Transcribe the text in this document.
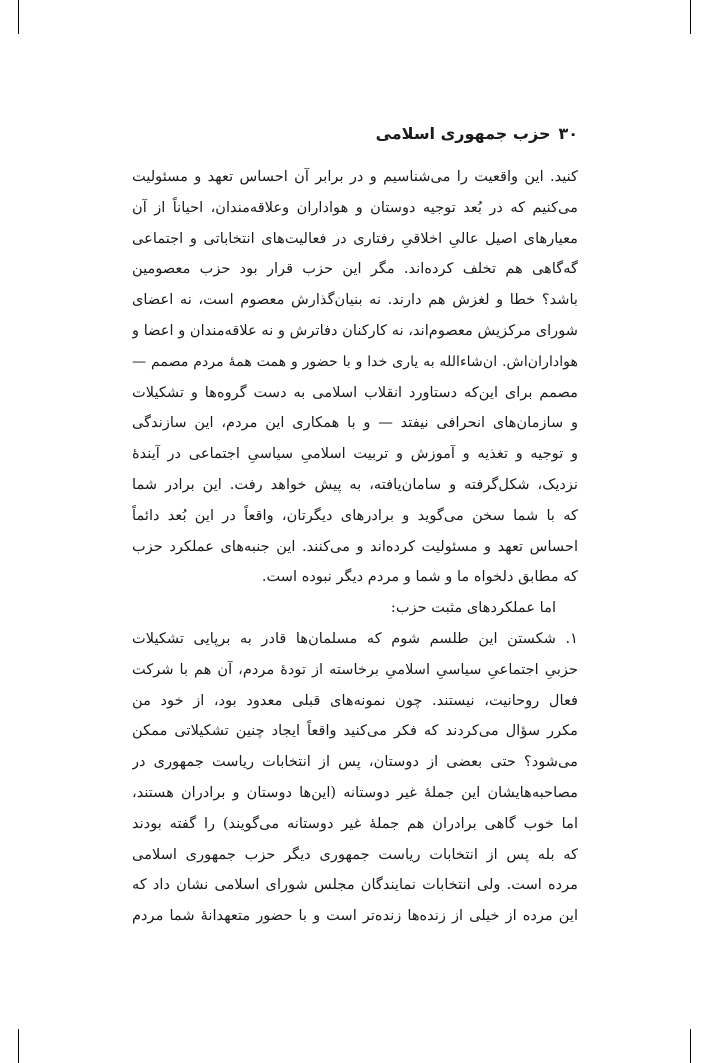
۳۰حزب جمهوری اسلامی
کنید. این واقعیت را می‌شناسیم و در برابر آن احساس تعهد و مسئولیت
می‌کنیم که در بُعد توجیه دوستان و هواداران وعلاقه‌مندان، احیاناً از آن
معیارهای اصیل عالیِ اخلاقیِ رفتاری در فعالیت‌های انتخاباتی و اجتماعی
گه‌گاهی هم تخلف کرده‌اند. مگر این حزب قرار بود حزب معصومین
باشد؟ خطا و لغزش هم دارند. نه بنیان‌گذارش معصوم است، نه اعضای
شورای مرکزیش معصوم‌اند، نه کارکنان دفاترش و نه علاقه‌مندان و اعضا و
هواداران‌اش. ان‌شاءالله به یاری خدا و با حضور و همت همهٔ مردم مصمم —
مصمم برای این‌که دستاورد انقلاب اسلامی به دست گروه‌ها و تشکیلات
و سازمان‌های انحرافی نیفتد — و با همکاری این مردم، این سازندگی
و توجیه و تغذیه و آموزش و تربیت اسلامیِ سیاسیِ اجتماعی در آیندهٔ
نزدیک، شکل‌گرفته و سامان‌یافته، به پیش خواهد رفت. این برادر شما
که با شما سخن می‌گوید و برادرهای دیگرتان، واقعاً در این بُعد دائماً
احساس تعهد و مسئولیت کرده‌اند و می‌کنند. این جنبه‌های عملکرد حزب
که مطابق دلخواه ما و شما و مردم دیگر نبوده است.
اما عملکردهای مثبت حزب:
۱. شکستن این طلسم شوم که مسلمان‌ها قادر به برپایی تشکیلات
حزبیِ اجتماعیِ سیاسیِ اسلامیِ برخاسته از تودهٔ مردم، آن هم با شرکت
فعال روحانیت، نیستند. چون نمونه‌های قبلی معدود بود، از خود من
مکرر سؤال می‌کردند که فکر می‌کنید واقعاً ایجاد چنین تشکیلاتی ممکن
می‌شود؟ حتی بعضی از دوستان، پس از انتخابات ریاست جمهوری در
مصاحبه‌هایشان این جملهٔ غیر دوستانه (این‌ها دوستان و برادران هستند،
اما خوب گاهی برادران هم جملهٔ غیر دوستانه می‌گویند) را گفته بودند
که بله پس از انتخابات ریاست جمهوری دیگر حزب جمهوری اسلامی
مرده است. ولی انتخابات نمایندگان مجلس شورای اسلامی نشان داد که
این مرده از خیلی از زنده‌ها زنده‌تر است و با حضور متعهدانهٔ شما مردم
